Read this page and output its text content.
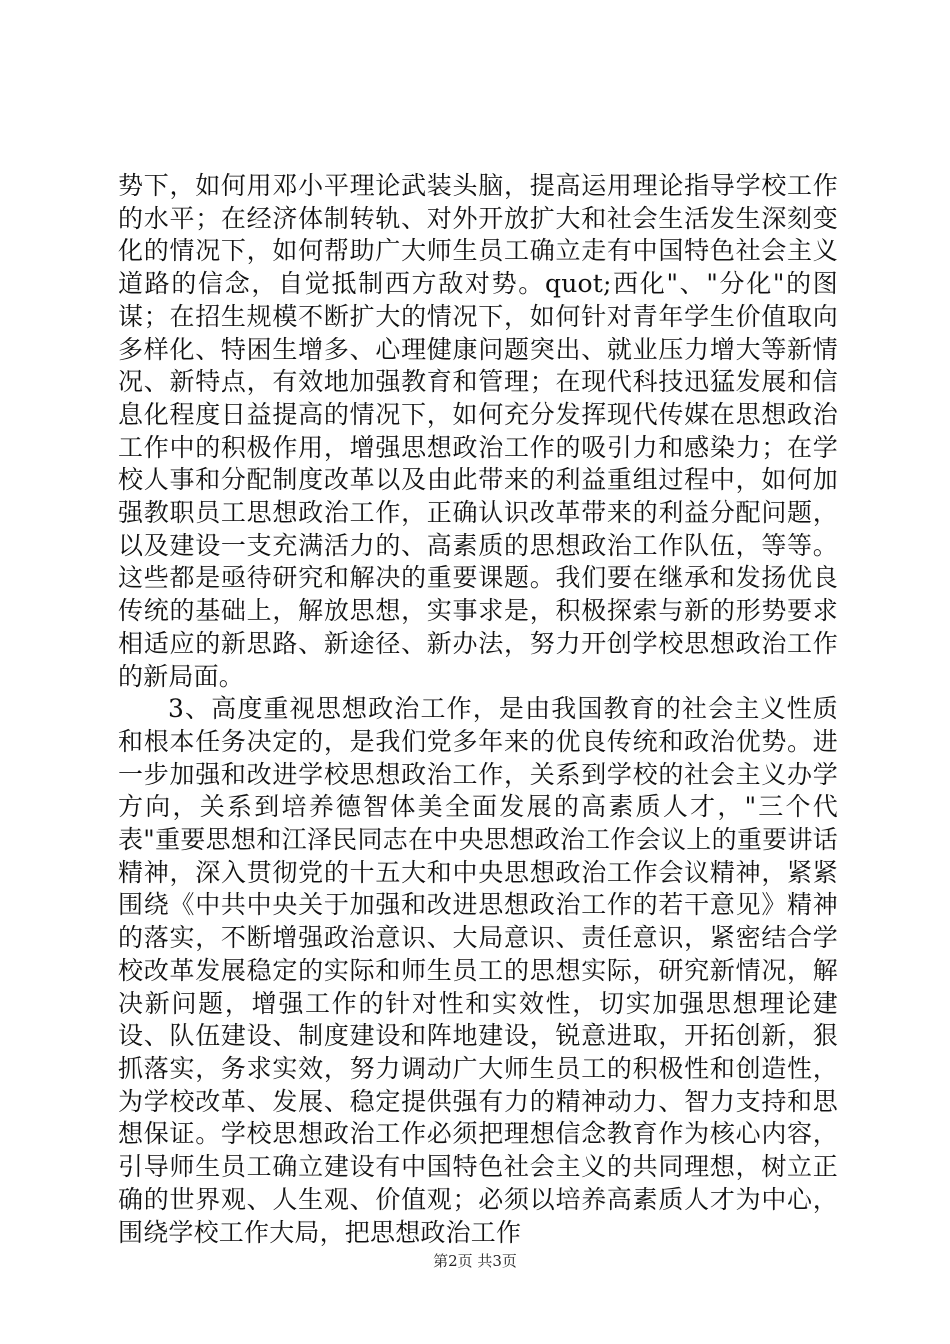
势下，如何用邓小平理论武装头脑，提高运用理论指导学校工作的水平；在经济体制转轨、对外开放扩大和社会生活发生深刻变化的情况下，如何帮助广大师生员工确立走有中国特色社会主义道路的信念，自觉抵制西方敌对势。quot;西化"、"分化"的图谋；在招生规模不断扩大的情况下，如何针对青年学生价值取向多样化、特困生增多、心理健康问题突出、就业压力增大等新情况、新特点，有效地加强教育和管理；在现代科技迅猛发展和信息化程度日益提高的情况下，如何充分发挥现代传媒在思想政治工作中的积极作用，增强思想政治工作的吸引力和感染力；在学校人事和分配制度改革以及由此带来的利益重组过程中，如何加强教职员工思想政治工作，正确认识改革带来的利益分配问题，以及建设一支充满活力的、高素质的思想政治工作队伍，等等。这些都是亟待研究和解决的重要课题。我们要在继承和发扬优良传统的基础上，解放思想，实事求是，积极探索与新的形势要求相适应的新思路、新途径、新办法，努力开创学校思想政治工作的新局面。

3、高度重视思想政治工作，是由我国教育的社会主义性质和根本任务决定的，是我们党多年来的优良传统和政治优势。进一步加强和改进学校思想政治工作，关系到学校的社会主义办学方向，关系到培养德智体美全面发展的高素质人才，"三个代表"重要思想和江泽民同志在中央思想政治工作会议上的重要讲话精神，深入贯彻党的十五大和中央思想政治工作会议精神，紧紧围绕《中共中央关于加强和改进思想政治工作的若干意见》精神的落实，不断增强政治意识、大局意识、责任意识，紧密结合学校改革发展稳定的实际和师生员工的思想实际，研究新情况，解决新问题，增强工作的针对性和实效性，切实加强思想理论建设、队伍建设、制度建设和阵地建设，锐意进取，开拓创新，狠抓落实，务求实效，努力调动广大师生员工的积极性和创造性，为学校改革、发展、稳定提供强有力的精神动力、智力支持和思想保证。学校思想政治工作必须把理想信念教育作为核心内容，引导师生员工确立建设有中国特色社会主义的共同理想，树立正确的世界观、人生观、价值观；必须以培养高素质人才为中心，围绕学校工作大局，把思想政治工作

第2页 共3页
